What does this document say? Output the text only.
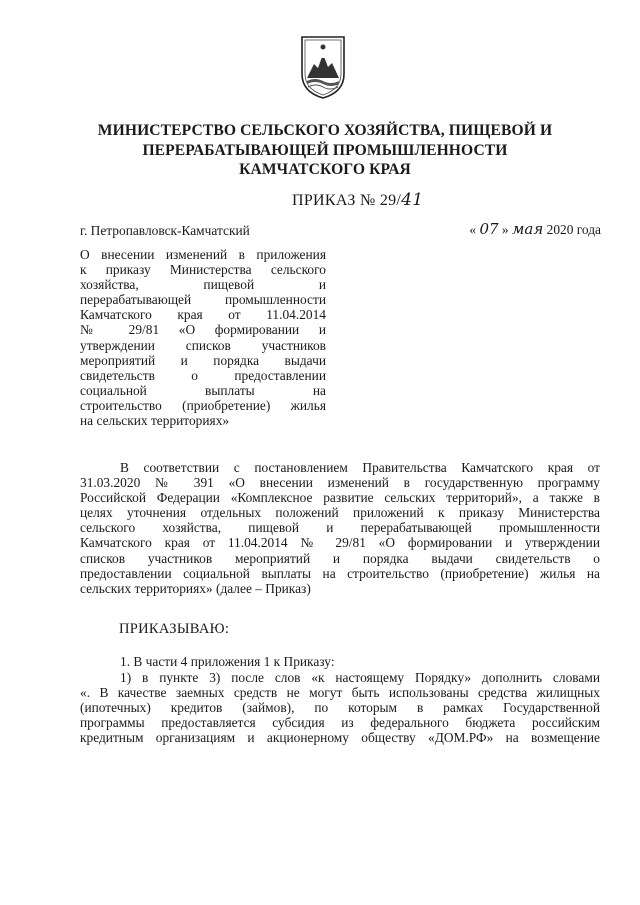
МИНИСТЕРСТВО СЕЛЬСКОГО ХОЗЯЙСТВА, ПИЩЕВОЙ И
ПЕРЕРАБАТЫВАЮЩЕЙ ПРОМЫШЛЕННОСТИ
КАМЧАТСКОГО КРАЯ
ПРИКАЗ № 29/41
г. Петропавловск-Камчатский	« 07 » мая 2020 года
О внесении изменений в приложения
к приказу Министерства сельского
хозяйства, пищевой и
перерабатывающей промышленности
Камчатского края от 11.04.2014
№ 29/81 «О формировании и
утверждении списков участников
мероприятий и порядка выдачи
свидетельств о предоставлении
социальной выплаты на
строительство (приобретение) жилья
на сельских территориях»
В соответствии с постановлением Правительства Камчатского края от
31.03.2020 № 391 «О внесении изменений в государственную программу
Российской Федерации «Комплексное развитие сельских территорий», а также в
целях уточнения отдельных положений приложений к приказу Министерства
сельского хозяйства, пищевой и перерабатывающей промышленности
Камчатского края от 11.04.2014 № 29/81 «О формировании и утверждении
списков участников мероприятий и порядка выдачи свидетельств о
предоставлении социальной выплаты на строительство (приобретение) жилья на
сельских территориях» (далее – Приказ)
ПРИКАЗЫВАЮ:
1. В части 4 приложения 1 к Приказу:
1) в пункте 3) после слов «к настоящему Порядку» дополнить словами
«. В качестве заемных средств не могут быть использованы средства жилищных
(ипотечных) кредитов (займов), по которым в рамках Государственной
программы предоставляется субсидия из федерального бюджета российским
кредитным организациям и акционерному обществу «ДОМ.РФ» на возмещение
